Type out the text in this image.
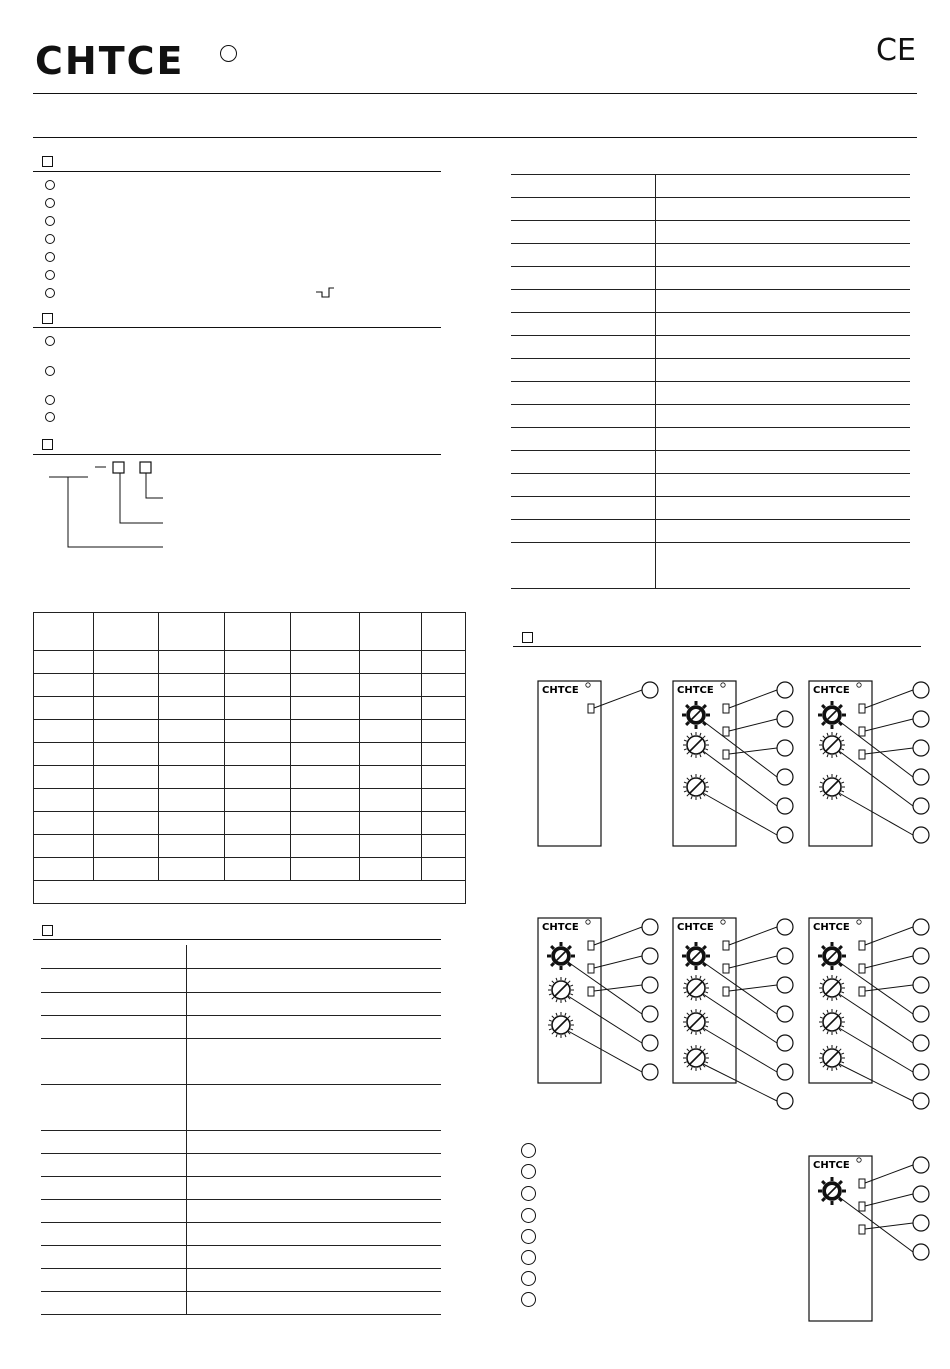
CHTCE	CE

CHTCE	CHTCE	CHTCE
CHTCE	CHTCE	CHTCE
CHTCE
